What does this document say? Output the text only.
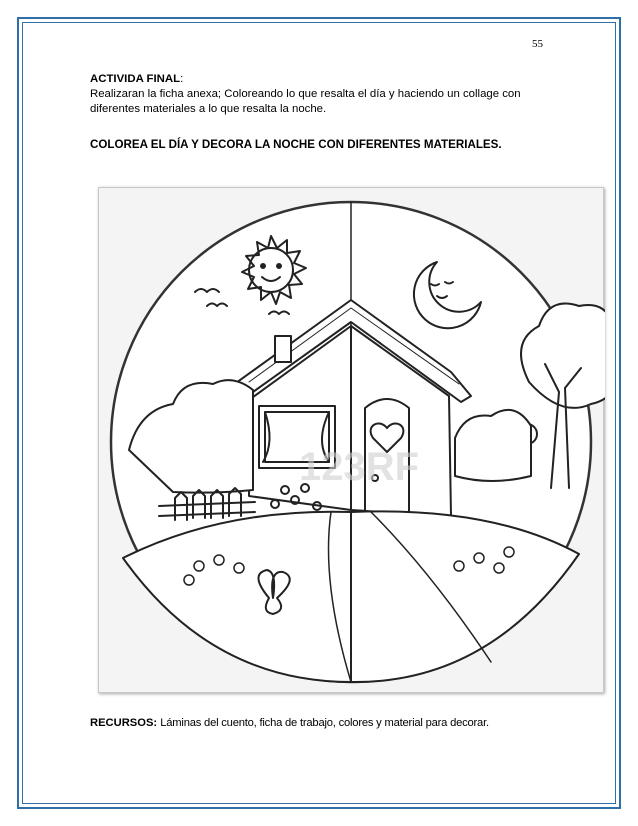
55
ACTIVIDA FINAL:
Realizaran la ficha anexa; Coloreando lo que resalta el día y haciendo un collage con diferentes materiales a lo que resalta la noche.
COLOREA EL DÍA Y DECORA LA NOCHE CON DIFERENTES MATERIALES.
123RF
RECURSOS: Láminas del cuento, ficha de trabajo, colores y material para decorar.
